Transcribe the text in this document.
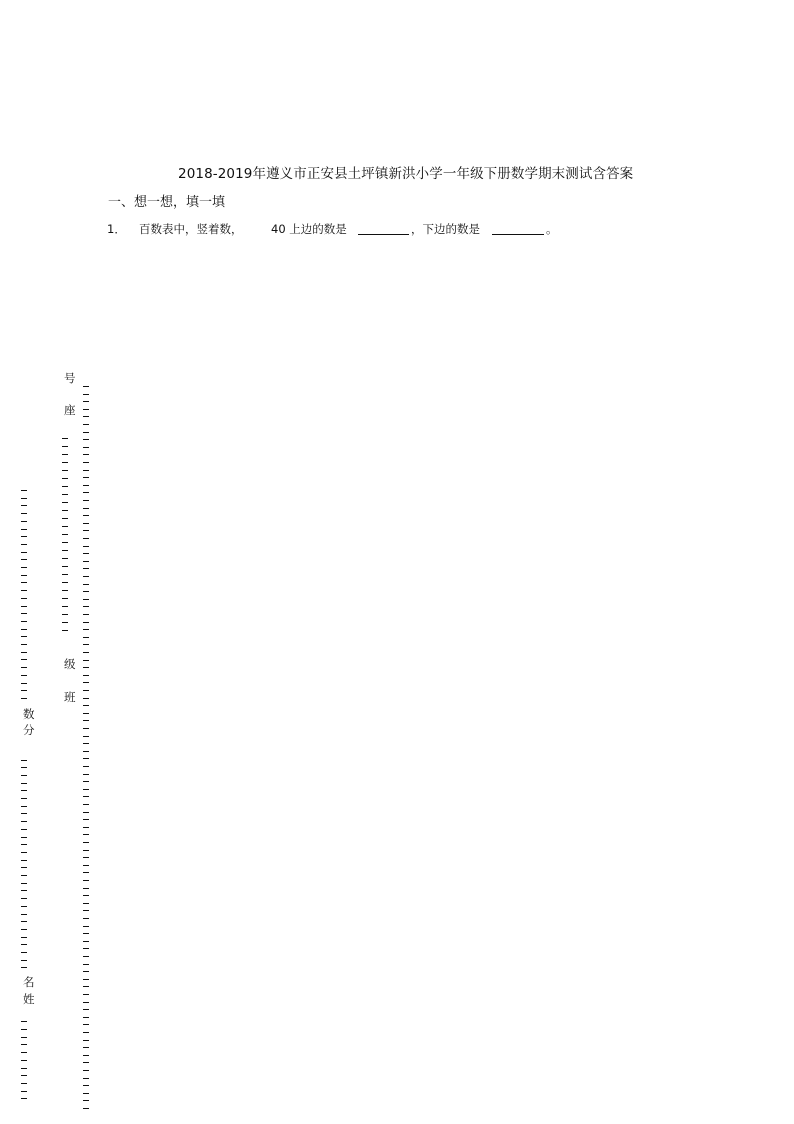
2018-2019年遵义市正安县土坪镇新洪小学一年级下册数学期末测试含答案
一、想一想，填一填
1． 百数表中，竖着数， 40 上边的数是	，下边的数是	。
号
座
级
班
数
分
名
姓
